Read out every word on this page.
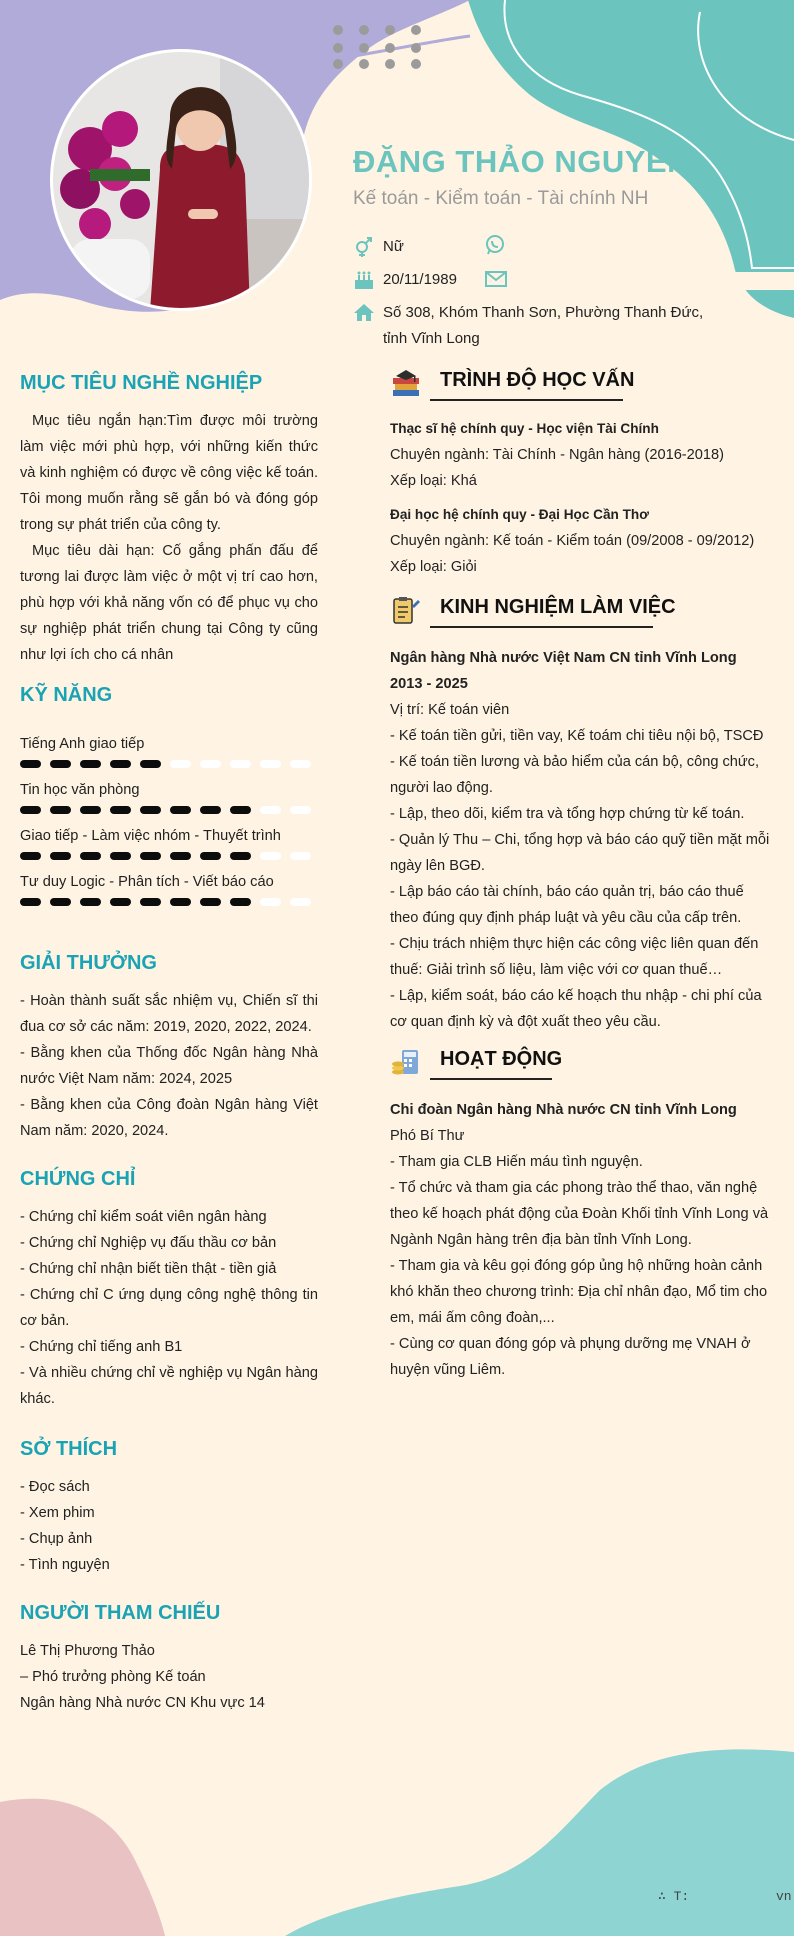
ĐẶNG THẢO NGUYÊN
Kế toán - Kiểm toán - Tài chính NH
Nữ
20/11/1989
Số 308, Khóm Thanh Sơn, Phường Thanh Đức,
tỉnh Vĩnh Long
MỤC TIÊU NGHỀ NGHIỆP
Mục tiêu ngắn hạn:Tìm được môi trường làm việc mới phù hợp, với những kiến thức và kinh nghiệm có được về công việc kế toán. Tôi mong muốn rằng sẽ gắn bó và đóng góp trong sự phát triển của công ty.
Mục tiêu dài hạn: Cố gắng phấn đấu để tương lai được làm việc ở một vị trí cao hơn, phù hợp với khả năng vốn có để phục vụ cho sự nghiệp phát triển chung tại Công ty cũng như lợi ích cho cá nhân
KỸ NĂNG
Tiếng Anh giao tiếp
Tin học văn phòng
Giao tiếp - Làm việc nhóm - Thuyết trình
Tư duy Logic - Phân tích - Viết báo cáo
GIẢI THƯỞNG
- Hoàn thành suất sắc nhiệm vụ, Chiến sĩ thi đua cơ sở các năm: 2019, 2020, 2022, 2024.
- Bằng khen của Thống đốc Ngân hàng Nhà nước Việt Nam năm: 2024, 2025
- Bằng khen của Công đoàn Ngân hàng Việt Nam năm: 2020, 2024.
CHỨNG CHỈ
- Chứng chỉ kiểm soát viên ngân hàng
- Chứng chỉ Nghiệp vụ đấu thầu cơ bản
- Chứng chỉ nhận biết tiền thật - tiền giả
- Chứng chỉ C ứng dụng công nghệ thông tin cơ bản.
- Chứng chỉ tiếng anh B1
- Và nhiều chứng chỉ về nghiệp vụ Ngân hàng khác.
SỞ THÍCH
- Đọc sách
- Xem phim
- Chụp ảnh
- Tình nguyện
NGƯỜI THAM CHIẾU
Lê Thị Phương Thảo
– Phó trưởng phòng Kế toán
Ngân hàng Nhà nước CN Khu vực 14
TRÌNH ĐỘ HỌC VẤN
Thạc sĩ hệ chính quy - Học viện Tài Chính
Chuyên ngành: Tài Chính - Ngân hàng (2016-2018)
Xếp loại: Khá
Đại học hệ chính quy - Đại Học Cần Thơ
Chuyên ngành: Kế toán - Kiểm toán (09/2008 - 09/2012)
Xếp loại: Giỏi
KINH NGHIỆM LÀM VIỆC
Ngân hàng Nhà nước Việt Nam CN tỉnh Vĩnh Long
2013 - 2025
Vị trí: Kế toán viên
- Kế toán tiền gửi, tiền vay, Kế toám chi tiêu nội bộ, TSCĐ
- Kế toán tiền lương và bảo hiểm của cán bộ, công chức, người lao động.
- Lập, theo dõi, kiểm tra và tổng hợp chứng từ kế toán.
- Quản lý Thu – Chi, tổng hợp và báo cáo quỹ tiền mặt mỗi ngày lên BGĐ.
- Lập báo cáo tài chính, báo cáo quản trị, báo cáo thuế theo đúng quy định pháp luật và yêu cầu của cấp trên.
- Chịu trách nhiệm thực hiện các công việc liên quan đến thuế: Giải trình số liệu, làm việc với cơ quan thuế…
- Lập, kiểm soát, báo cáo kế hoạch thu nhập - chi phí của cơ quan định kỳ và đột xuất theo yêu cầu.
HOẠT ĐỘNG
Chi đoàn Ngân hàng Nhà nước CN tỉnh Vĩnh Long
Phó Bí Thư
- Tham gia CLB Hiến máu tình nguyện.
- Tổ chức và tham gia các phong trào thể thao, văn nghệ theo kế hoạch phát động của Đoàn Khối tỉnh Vĩnh Long và Ngành Ngân hàng trên địa bàn tỉnh Vĩnh Long.
- Tham gia và kêu gọi đóng góp ủng hộ những hoàn cảnh khó khăn theo chương trình: Địa chỉ nhân đạo, Mổ tim cho em, mái ấm công đoàn,...
- Cùng cơ quan đóng góp và phụng dưỡng mẹ VNAH ở huyện vũng Liêm.
∴ T:	vn
